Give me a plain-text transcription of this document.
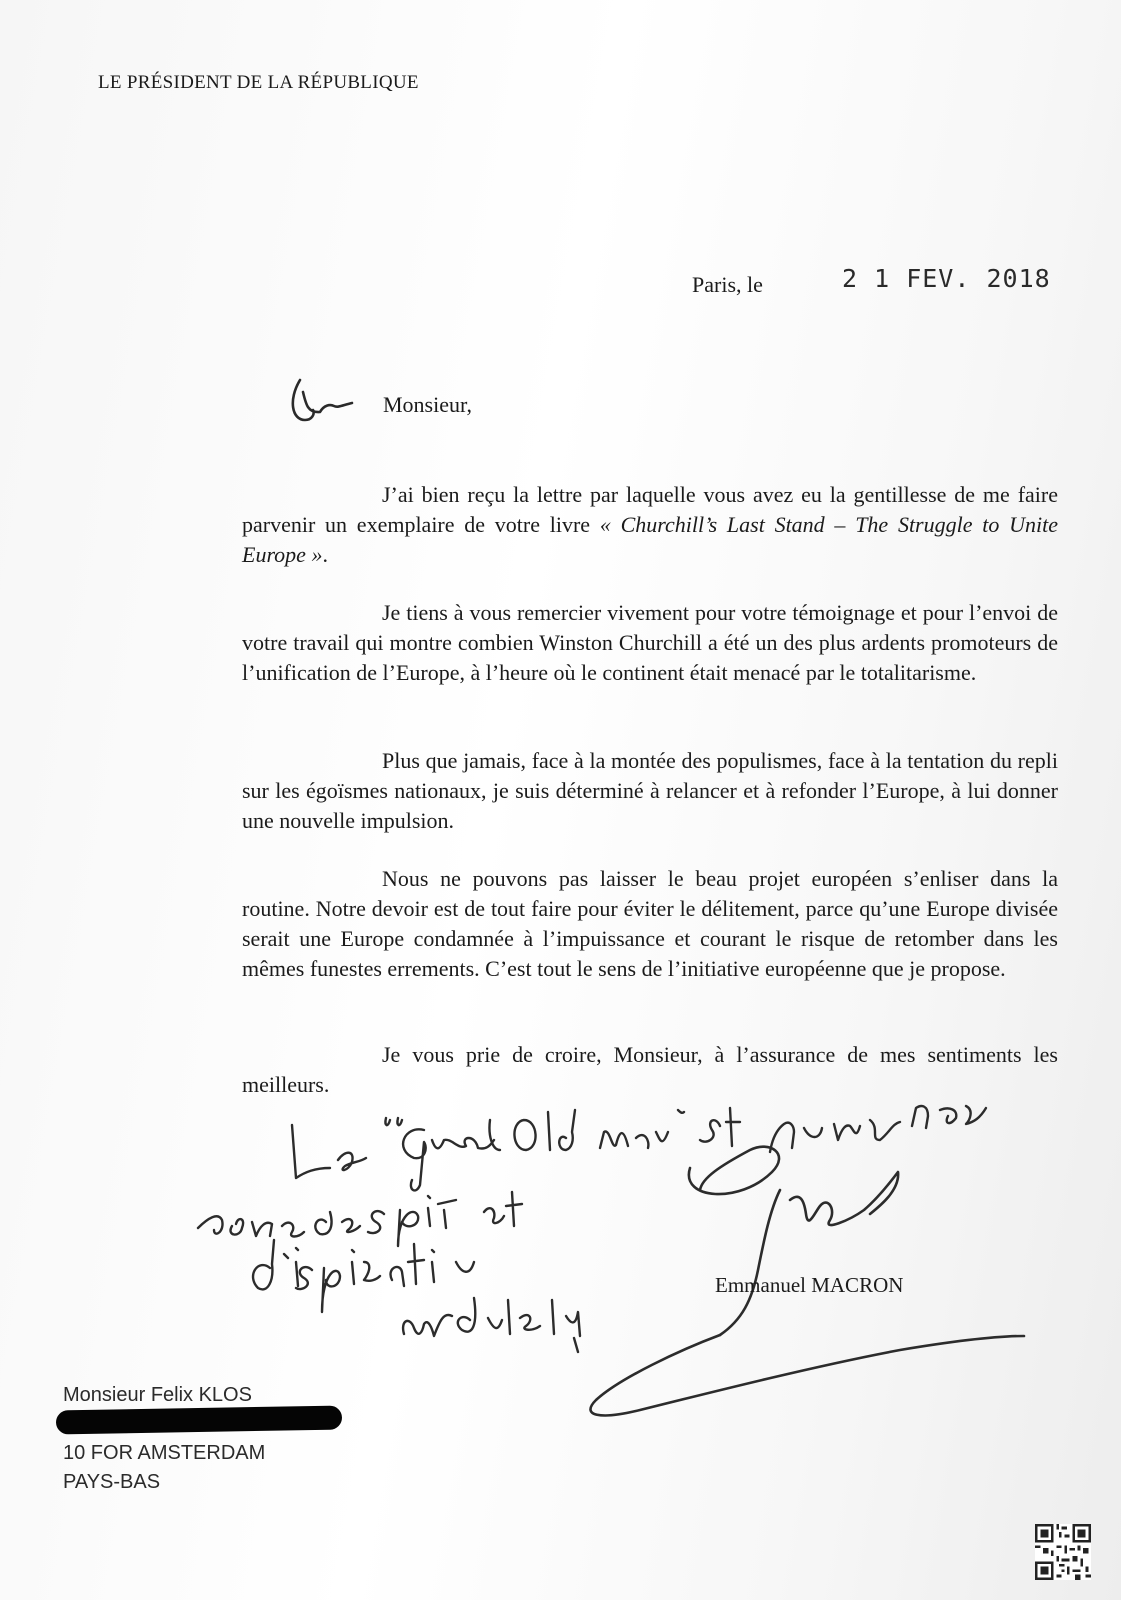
LE PRÉSIDENT DE LA RÉPUBLIQUE
Paris, le	2 1 FEV. 2018
Monsieur,

J’ai bien reçu la lettre par laquelle vous avez eu la gentillesse de me faire parvenir un exemplaire de votre livre « Churchill’s Last Stand – The Struggle to Unite Europe ».

Je tiens à vous remercier vivement pour votre témoignage et pour l’envoi de votre travail qui montre combien Winston Churchill a été un des plus ardents promoteurs de l’unification de l’Europe, à l’heure où le continent était menacé par le totalitarisme.

Plus que jamais, face à la montée des populismes, face à la tentation du repli sur les égoïsmes nationaux, je suis déterminé à relancer et à refonder l’Europe, à lui donner une nouvelle impulsion.

Nous ne pouvons pas laisser le beau projet européen s’enliser dans la routine. Notre devoir est de tout faire pour éviter le délitement, parce qu’une Europe divisée serait une Europe condamnée à l’impuissance et courant le risque de retomber dans les mêmes funestes errements. C’est tout le sens de l’initiative européenne que je propose.

Je vous prie de croire, Monsieur, à l’assurance de mes sentiments les meilleurs.

Emmanuel MACRON
Monsieur Felix KLOS
10 FOR AMSTERDAM
PAYS-BAS
